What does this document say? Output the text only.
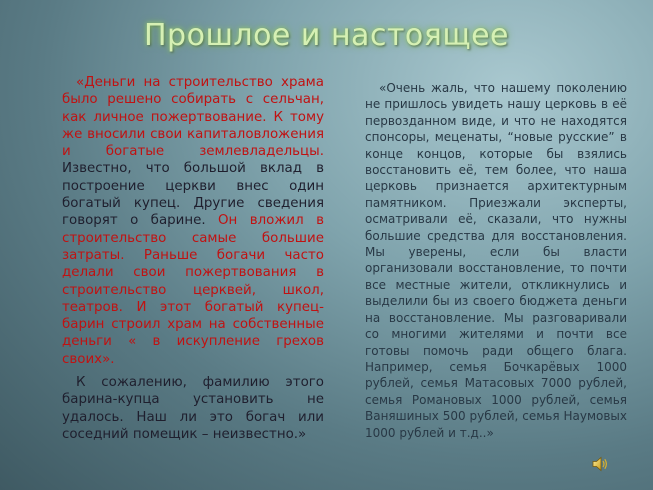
Прошлое и настоящее

«Деньги на строительство храма было решено собирать с сельчан, как личное пожертвование. К тому же вносили свои капиталовложения и богатые землевладельцы. Известно, что большой вклад в построение церкви внес один богатый купец. Другие сведения говорят о барине. Он вложил в строительство самые большие затраты. Раньше богачи часто делали свои пожертвования в строительство церквей, школ, театров. И этот богатый купец-барин строил храм на собственные деньги « в искупление грехов своих».

К сожалению, фамилию этого барина-купца установить не удалось. Наш ли это богач или соседний помещик – неизвестно.»

«Очень жаль, что нашему поколению не пришлось увидеть нашу церковь в её первозданном виде, и что не находятся спонсоры, меценаты, “новые русские” в конце концов, которые бы взялись восстановить её, тем более, что наша церковь признается архитектурным памятником. Приезжали эксперты, осматривали её, сказали, что нужны большие средства для восстановления. Мы уверены, если бы власти организовали восстановление, то почти все местные жители, откликнулись и выделили бы из своего бюджета деньги на восстановление. Мы разговаривали со многими жителями и почти все готовы помочь ради общего блага. Например, семья Бочкарёвых 1000 рублей, семья Матасовых 7000 рублей, семья Романовых 1000 рублей, семья Ваняшиных 500 рублей, семья Наумовых 1000 рублей и т.д..»
